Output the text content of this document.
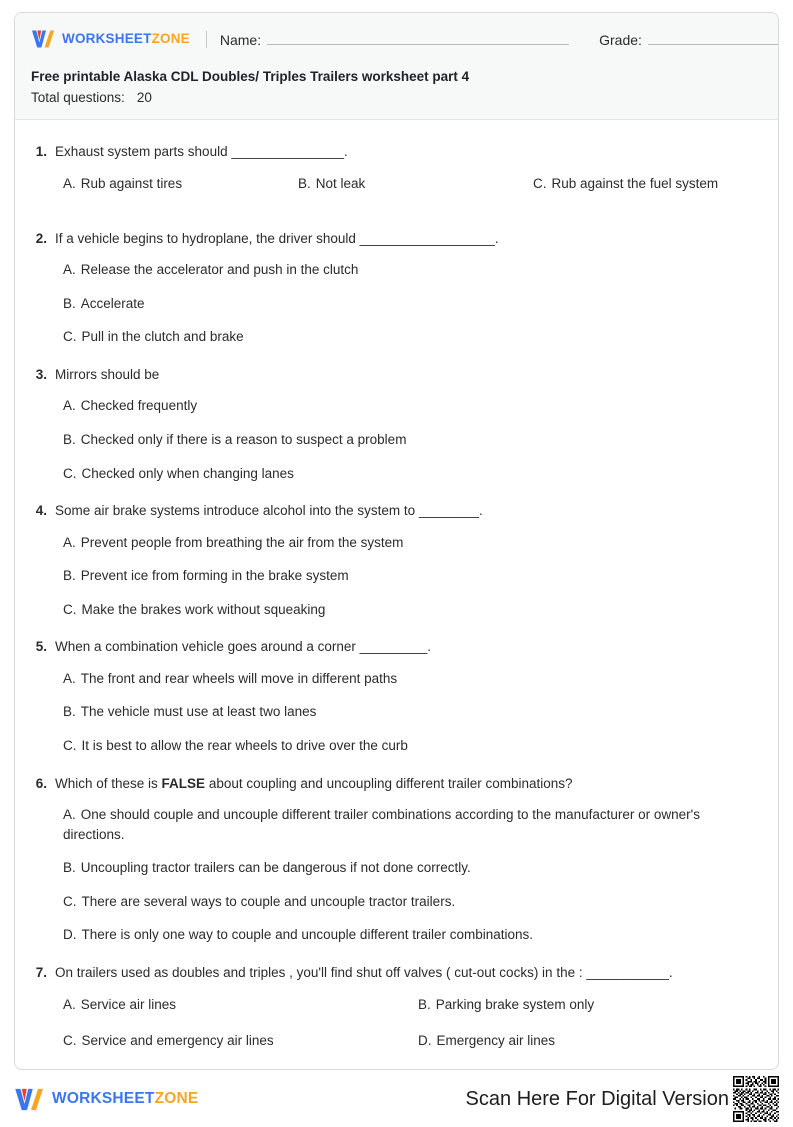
WORKSHEETZONE Name:	Grade:
Free printable Alaska CDL Doubles/ Triples Trailers worksheet part 4
Total questions: 20
1. Exhaust system parts should _______________.
A. Rub against tires	B. Not leak	C. Rub against the fuel system
2. If a vehicle begins to hydroplane, the driver should __________________.
A. Release the accelerator and push in the clutch
B. Accelerate
C. Pull in the clutch and brake
3. Mirrors should be
A. Checked frequently
B. Checked only if there is a reason to suspect a problem
C. Checked only when changing lanes
4. Some air brake systems introduce alcohol into the system to ________.
A. Prevent people from breathing the air from the system
B. Prevent ice from forming in the brake system
C. Make the brakes work without squeaking
5. When a combination vehicle goes around a corner _________.
A. The front and rear wheels will move in different paths
B. The vehicle must use at least two lanes
C. It is best to allow the rear wheels to drive over the curb
6. Which of these is FALSE about coupling and uncoupling different trailer combinations?
A. One should couple and uncouple different trailer combinations according to the manufacturer or owner's directions.
B. Uncoupling tractor trailers can be dangerous if not done correctly.
C. There are several ways to couple and uncouple tractor trailers.
D. There is only one way to couple and uncouple different trailer combinations.
7. On trailers used as doubles and triples , you'll find shut off valves ( cut-out cocks) in the : ___________.
A. Service air lines	B. Parking brake system only
C. Service and emergency air lines	D. Emergency air lines
WORKSHEETZONE	Scan Here For Digital Version
